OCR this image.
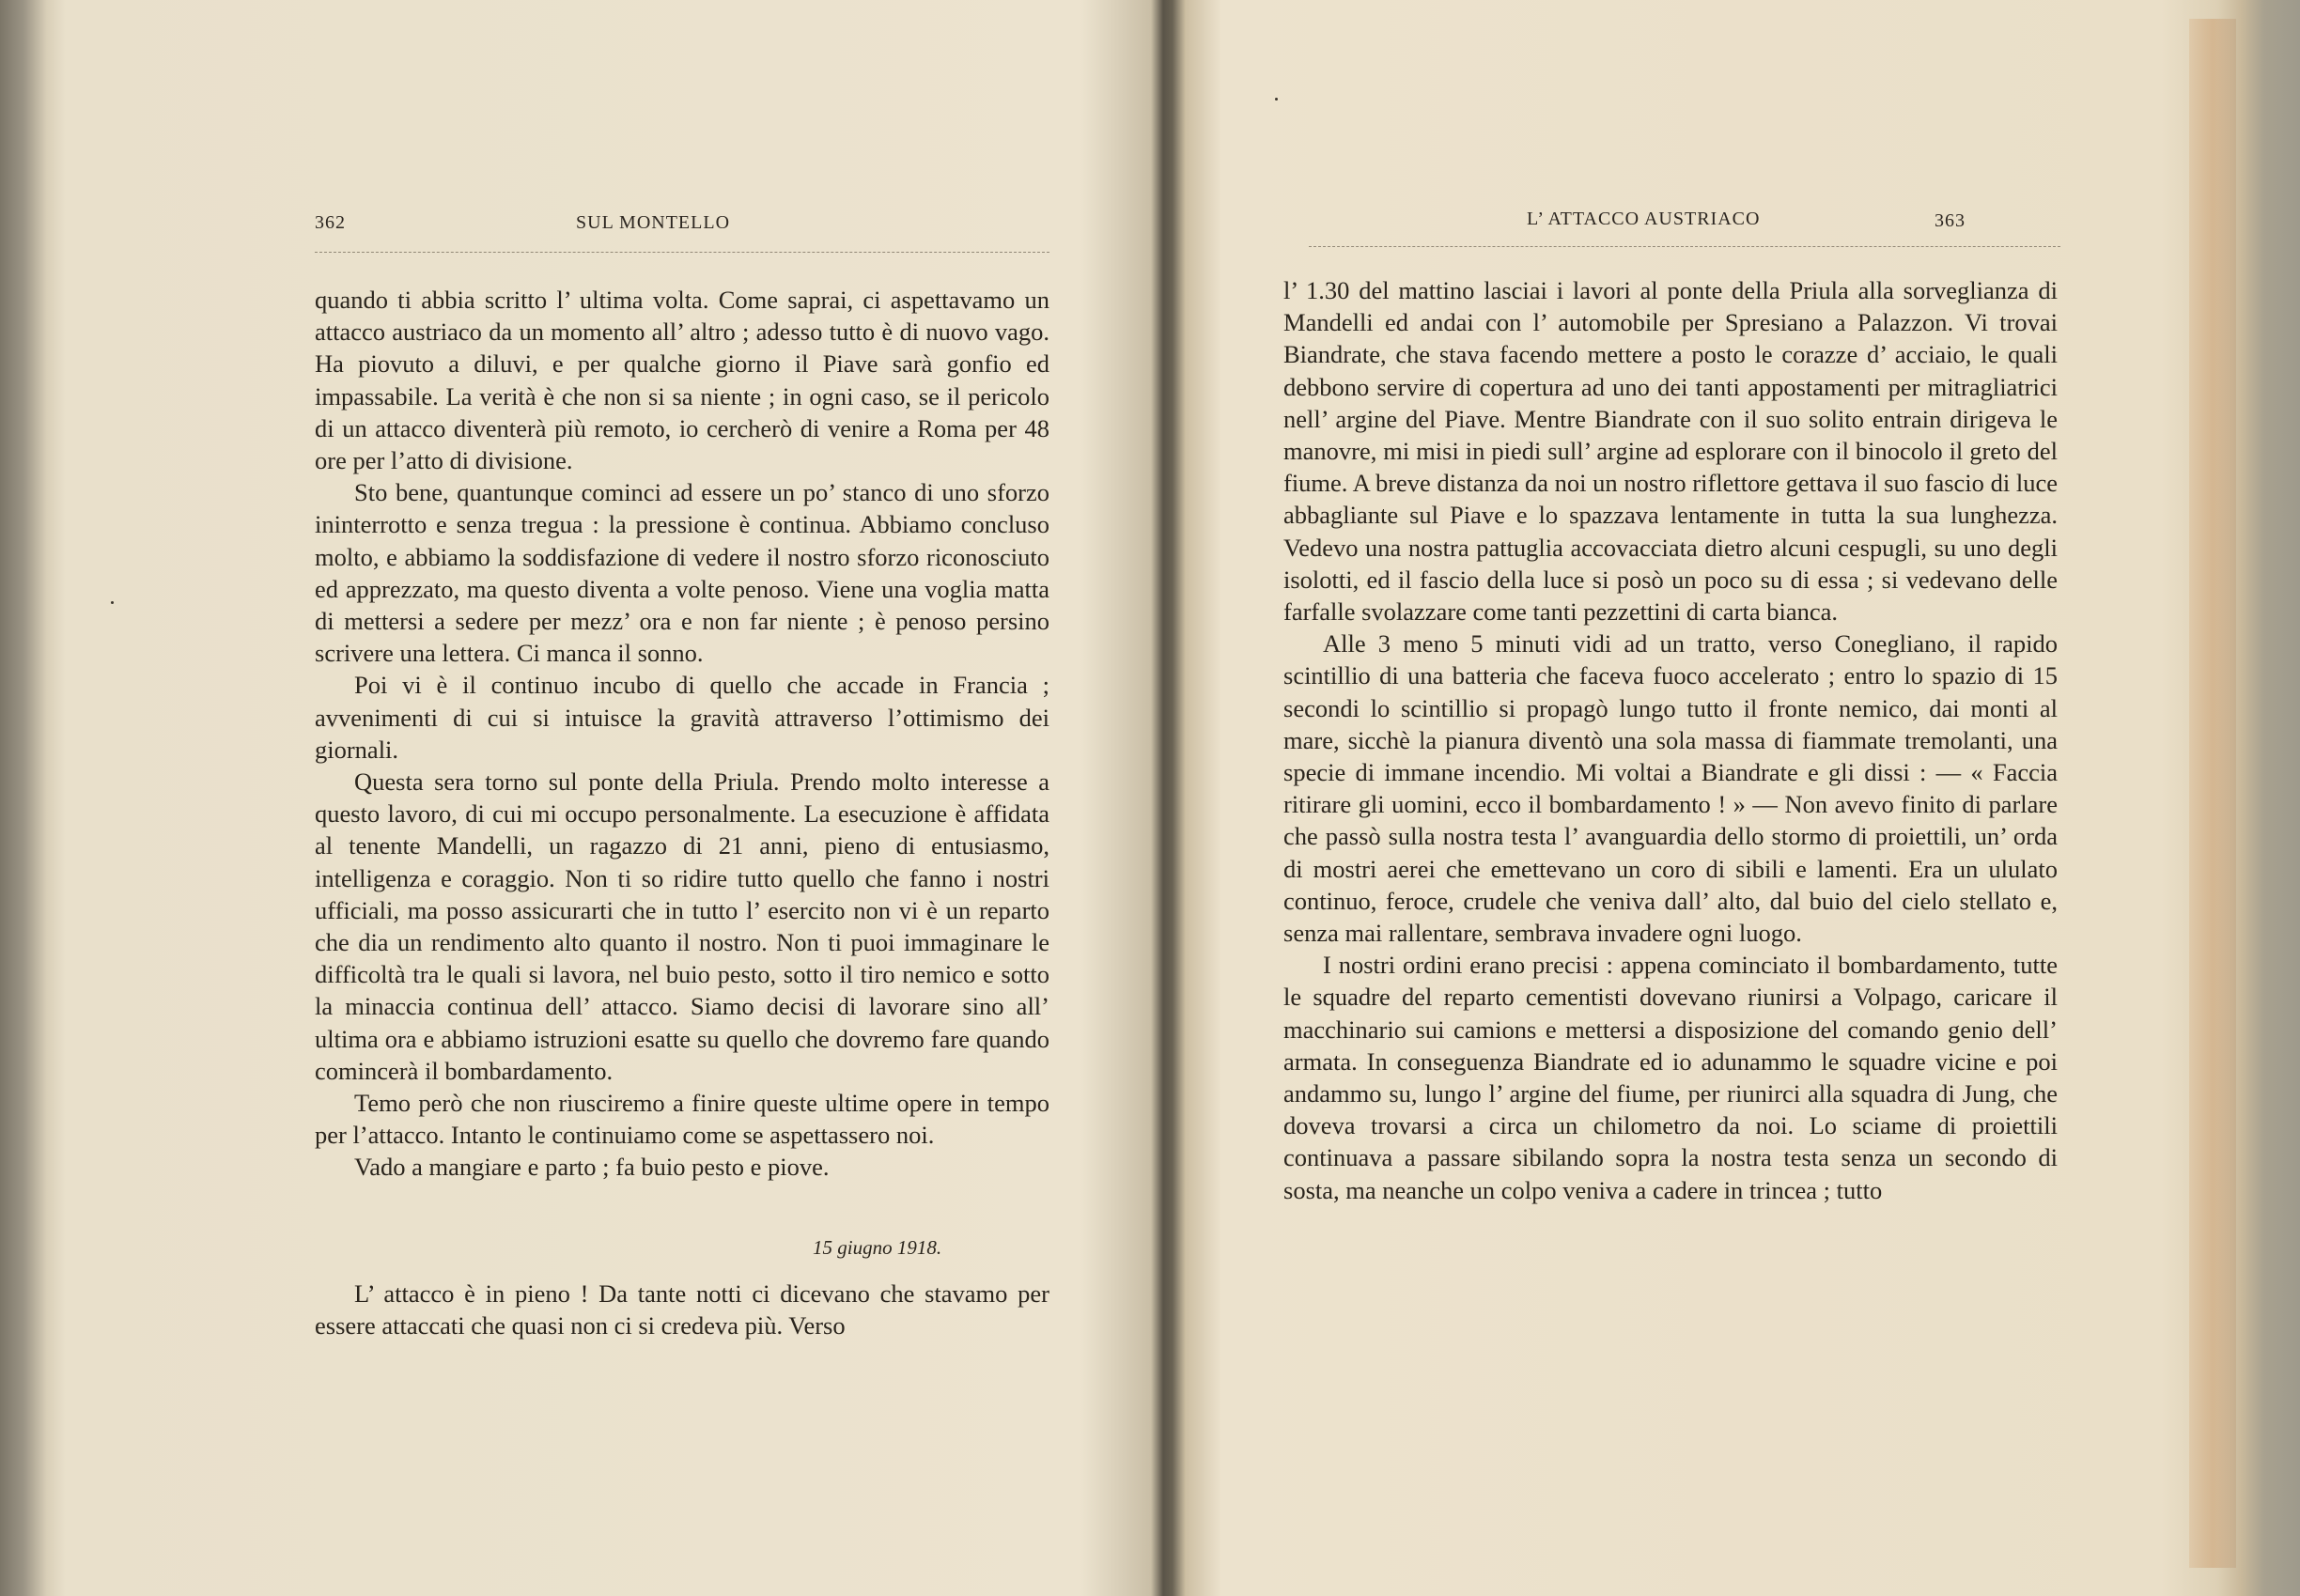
362	SUL MONTELLO

quando ti abbia scritto l’ ultima volta. Come saprai, ci aspettavamo un attacco austriaco da un momento all’ altro ; adesso tutto è di nuovo vago. Ha piovuto a diluvi, e per qualche giorno il Piave sarà gonfio ed impassabile. La verità è che non si sa niente ; in ogni caso, se il pericolo di un attacco diventerà più remoto, io cercherò di venire a Roma per 48 ore per l’atto di divisione.

Sto bene, quantunque cominci ad essere un po’ stanco di uno sforzo ininterrotto e senza tregua : la pressione è continua. Abbiamo concluso molto, e abbiamo la soddisfazione di vedere il nostro sforzo riconosciuto ed apprezzato, ma questo diventa a volte penoso. Viene una voglia matta di mettersi a sedere per mezz’ ora e non far niente ; è penoso persino scrivere una lettera. Ci manca il sonno.

Poi vi è il continuo incubo di quello che accade in Francia ; avvenimenti di cui si intuisce la gravità attraverso l’ottimismo dei giornali.

Questa sera torno sul ponte della Priula. Prendo molto interesse a questo lavoro, di cui mi occupo personalmente. La esecuzione è affidata al tenente Mandelli, un ragazzo di 21 anni, pieno di entusiasmo, intelligenza e coraggio. Non ti so ridire tutto quello che fanno i nostri ufficiali, ma posso assicurarti che in tutto l’ esercito non vi è un reparto che dia un rendimento alto quanto il nostro. Non ti puoi immaginare le difficoltà tra le quali si lavora, nel buio pesto, sotto il tiro nemico e sotto la minaccia continua dell’ attacco. Siamo decisi di lavorare sino all’ ultima ora e abbiamo istruzioni esatte su quello che dovremo fare quando comincerà il bombardamento.

Temo però che non riusciremo a finire queste ultime opere in tempo per l’attacco. Intanto le continuiamo come se aspettassero noi.

Vado a mangiare e parto ; fa buio pesto e piove.

15 giugno 1918.

L’ attacco è in pieno ! Da tante notti ci dicevano che stavamo per essere attaccati che quasi non ci si credeva più. Verso

L’ ATTACCO AUSTRIACO	363

l’ 1.30 del mattino lasciai i lavori al ponte della Priula alla sorveglianza di Mandelli ed andai con l’ automobile per Spresiano a Palazzon. Vi trovai Biandrate, che stava facendo mettere a posto le corazze d’ acciaio, le quali debbono servire di copertura ad uno dei tanti appostamenti per mitragliatrici nell’ argine del Piave. Mentre Biandrate con il suo solito entrain dirigeva le manovre, mi misi in piedi sull’ argine ad esplorare con il binocolo il greto del fiume. A breve distanza da noi un nostro riflettore gettava il suo fascio di luce abbagliante sul Piave e lo spazzava lentamente in tutta la sua lunghezza. Vedevo una nostra pattuglia accovacciata dietro alcuni cespugli, su uno degli isolotti, ed il fascio della luce si posò un poco su di essa ; si vedevano delle farfalle svolazzare come tanti pezzettini di carta bianca.

Alle 3 meno 5 minuti vidi ad un tratto, verso Conegliano, il rapido scintillio di una batteria che faceva fuoco accelerato ; entro lo spazio di 15 secondi lo scintillio si propagò lungo tutto il fronte nemico, dai monti al mare, sicchè la pianura diventò una sola massa di fiammate tremolanti, una specie di immane incendio. Mi voltai a Biandrate e gli dissi : — « Faccia ritirare gli uomini, ecco il bombardamento ! » — Non avevo finito di parlare che passò sulla nostra testa l’ avanguardia dello stormo di proiettili, un’ orda di mostri aerei che emettevano un coro di sibili e lamenti. Era un ululato continuo, feroce, crudele che veniva dall’ alto, dal buio del cielo stellato e, senza mai rallentare, sembrava invadere ogni luogo.

I nostri ordini erano precisi : appena cominciato il bombardamento, tutte le squadre del reparto cementisti dovevano riunirsi a Volpago, caricare il macchinario sui camions e mettersi a disposizione del comando genio dell’ armata. In conseguenza Biandrate ed io adunammo le squadre vicine e poi andammo su, lungo l’ argine del fiume, per riunirci alla squadra di Jung, che doveva trovarsi a circa un chilometro da noi. Lo sciame di proiettili continuava a passare sibilando sopra la nostra testa senza un secondo di sosta, ma neanche un colpo veniva a cadere in trincea ; tutto
